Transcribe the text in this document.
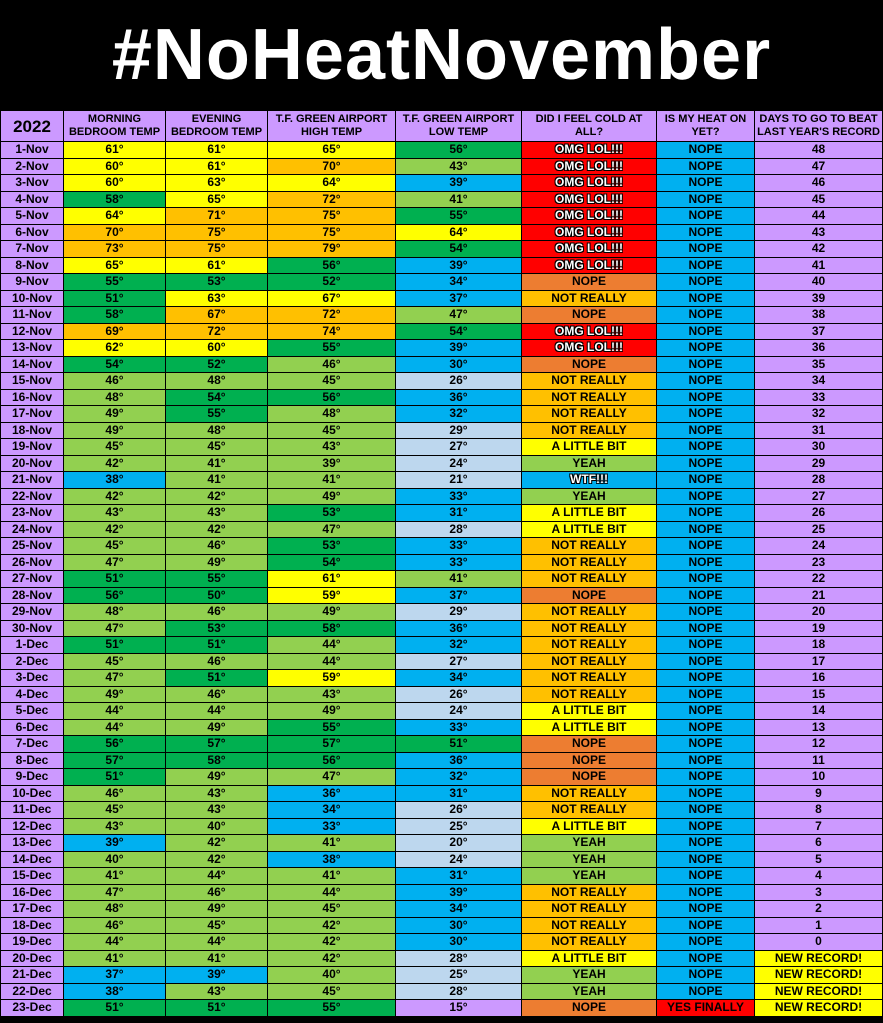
#NoHeatNovember
2022	MORNING BEDROOM TEMP	EVENING BEDROOM TEMP	T.F. GREEN AIRPORT HIGH TEMP	T.F. GREEN AIRPORT LOW TEMP	DID I FEEL COLD AT ALL?	IS MY HEAT ON YET?	DAYS TO GO TO BEAT LAST YEAR'S RECORD
1-Nov	61°	61°	65°	56°	OMG LOL!!!	NOPE	48
2-Nov	60°	61°	70°	43°	OMG LOL!!!	NOPE	47
3-Nov	60°	63°	64°	39°	OMG LOL!!!	NOPE	46
4-Nov	58°	65°	72°	41°	OMG LOL!!!	NOPE	45
5-Nov	64°	71°	75°	55°	OMG LOL!!!	NOPE	44
6-Nov	70°	75°	75°	64°	OMG LOL!!!	NOPE	43
7-Nov	73°	75°	79°	54°	OMG LOL!!!	NOPE	42
8-Nov	65°	61°	56°	39°	OMG LOL!!!	NOPE	41
9-Nov	55°	53°	52°	34°	NOPE	NOPE	40
10-Nov	51°	63°	67°	37°	NOT REALLY	NOPE	39
11-Nov	58°	67°	72°	47°	NOPE	NOPE	38
12-Nov	69°	72°	74°	54°	OMG LOL!!!	NOPE	37
13-Nov	62°	60°	55°	39°	OMG LOL!!!	NOPE	36
14-Nov	54°	52°	46°	30°	NOPE	NOPE	35
15-Nov	46°	48°	45°	26°	NOT REALLY	NOPE	34
16-Nov	48°	54°	56°	36°	NOT REALLY	NOPE	33
17-Nov	49°	55°	48°	32°	NOT REALLY	NOPE	32
18-Nov	49°	48°	45°	29°	NOT REALLY	NOPE	31
19-Nov	45°	45°	43°	27°	A LITTLE BIT	NOPE	30
20-Nov	42°	41°	39°	24°	YEAH	NOPE	29
21-Nov	38°	41°	41°	21°	WTF!!!	NOPE	28
22-Nov	42°	42°	49°	33°	YEAH	NOPE	27
23-Nov	43°	43°	53°	31°	A LITTLE BIT	NOPE	26
24-Nov	42°	42°	47°	28°	A LITTLE BIT	NOPE	25
25-Nov	45°	46°	53°	33°	NOT REALLY	NOPE	24
26-Nov	47°	49°	54°	33°	NOT REALLY	NOPE	23
27-Nov	51°	55°	61°	41°	NOT REALLY	NOPE	22
28-Nov	56°	50°	59°	37°	NOPE	NOPE	21
29-Nov	48°	46°	49°	29°	NOT REALLY	NOPE	20
30-Nov	47°	53°	58°	36°	NOT REALLY	NOPE	19
1-Dec	51°	51°	44°	32°	NOT REALLY	NOPE	18
2-Dec	45°	46°	44°	27°	NOT REALLY	NOPE	17
3-Dec	47°	51°	59°	34°	NOT REALLY	NOPE	16
4-Dec	49°	46°	43°	26°	NOT REALLY	NOPE	15
5-Dec	44°	44°	49°	24°	A LITTLE BIT	NOPE	14
6-Dec	44°	49°	55°	33°	A LITTLE BIT	NOPE	13
7-Dec	56°	57°	57°	51°	NOPE	NOPE	12
8-Dec	57°	58°	56°	36°	NOPE	NOPE	11
9-Dec	51°	49°	47°	32°	NOPE	NOPE	10
10-Dec	46°	43°	36°	31°	NOT REALLY	NOPE	9
11-Dec	45°	43°	34°	26°	NOT REALLY	NOPE	8
12-Dec	43°	40°	33°	25°	A LITTLE BIT	NOPE	7
13-Dec	39°	42°	41°	20°	YEAH	NOPE	6
14-Dec	40°	42°	38°	24°	YEAH	NOPE	5
15-Dec	41°	44°	41°	31°	YEAH	NOPE	4
16-Dec	47°	46°	44°	39°	NOT REALLY	NOPE	3
17-Dec	48°	49°	45°	34°	NOT REALLY	NOPE	2
18-Dec	46°	45°	42°	30°	NOT REALLY	NOPE	1
19-Dec	44°	44°	42°	30°	NOT REALLY	NOPE	0
20-Dec	41°	41°	42°	28°	A LITTLE BIT	NOPE	NEW RECORD!
21-Dec	37°	39°	40°	25°	YEAH	NOPE	NEW RECORD!
22-Dec	38°	43°	45°	28°	YEAH	NOPE	NEW RECORD!
23-Dec	51°	51°	55°	15°	NOPE	YES FINALLY	NEW RECORD!
